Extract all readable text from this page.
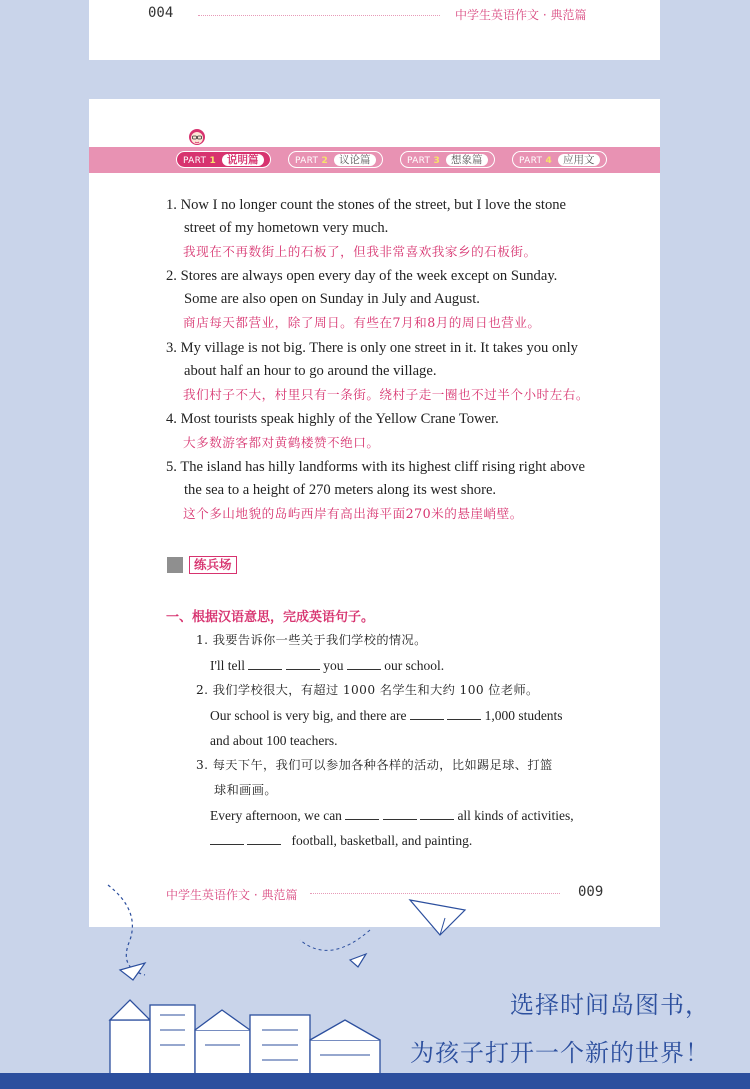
004	中学生英语作文 · 典范篇
PART 1 说明篇	PART 2 议论篇	PART 3 想象篇	PART 4 应用文
1. Now I no longer count the stones of the street, but I love the stone
street of my hometown very much.
我现在不再数街上的石板了，但我非常喜欢我家乡的石板街。
2. Stores are always open every day of the week except on Sunday.
Some are also open on Sunday in July and August.
商店每天都营业，除了周日。有些在7月和8月的周日也营业。
3. My village is not big. There is only one street in it. It takes you only
about half an hour to go around the village.
我们村子不大，村里只有一条街。绕村子走一圈也不过半个小时左右。
4. Most tourists speak highly of the Yellow Crane Tower.
大多数游客都对黄鹤楼赞不绝口。
5. The island has hilly landforms with its highest cliff rising right above
the sea to a height of 270 meters along its west shore.
这个多山地貌的岛屿西岸有高出海平面270米的悬崖峭壁。
练兵场
一、根据汉语意思，完成英语句子。
1. 我要告诉你一些关于我们学校的情况。
I'll tell	you	our school.
2. 我们学校很大，有超过 1000 名学生和大约 100 位老师。
Our school is very big, and there are	1,000 students
and about 100 teachers.
3. 每天下午，我们可以参加各种各样的活动，比如踢足球、打篮
球和画画。
Every afternoon, we can	all kinds of activities,
football, basketball, and painting.
中学生英语作文 · 典范篇	009
选择时间岛图书，
为孩子打开一个新的世界！
